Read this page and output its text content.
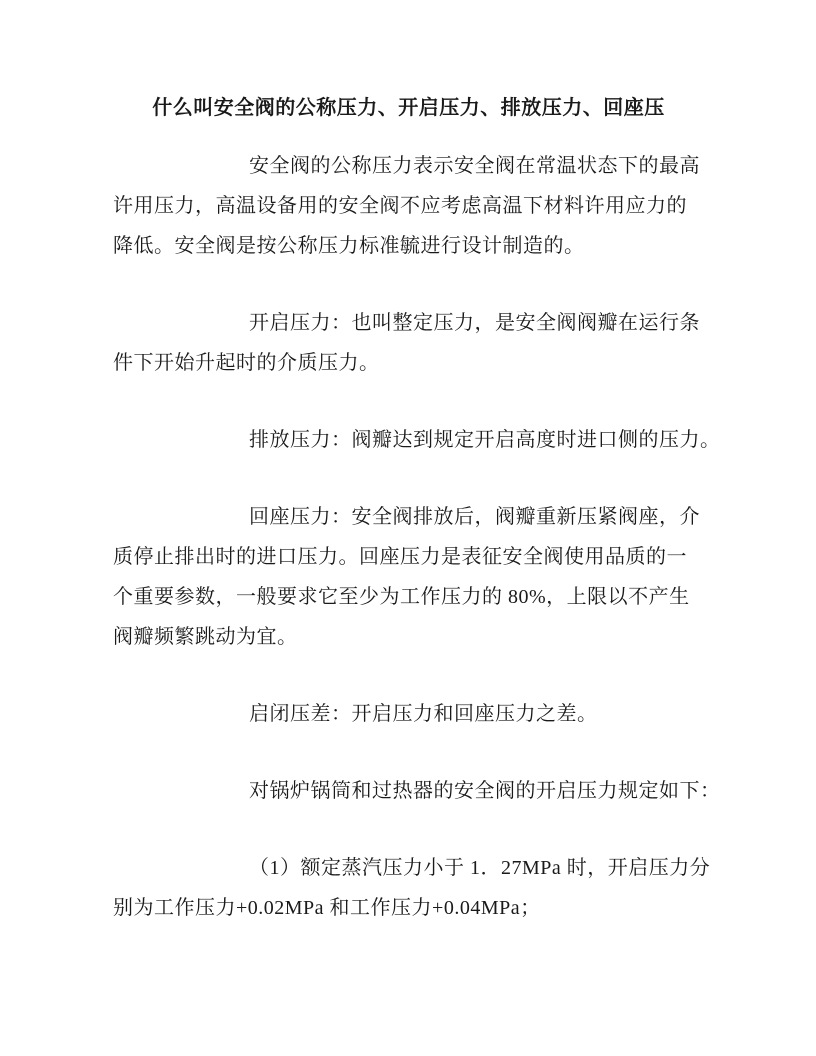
什么叫安全阀的公称压力、开启压力、排放压力、回座压

安全阀的公称压力表示安全阀在常温状态下的最高
许用压力，高温设备用的安全阀不应考虑高温下材料许用应力的
降低。安全阀是按公称压力标准毓进行设计制造的。

开启压力：也叫整定压力，是安全阀阀瓣在运行条
件下开始升起时的介质压力。

排放压力：阀瓣达到规定开启高度时进口侧的压力。

回座压力：安全阀排放后，阀瓣重新压紧阀座，介
质停止排出时的进口压力。回座压力是表征安全阀使用品质的一
个重要参数，一般要求它至少为工作压力的 80%，上限以不产生
阀瓣频繁跳动为宜。

启闭压差：开启压力和回座压力之差。

对锅炉锅筒和过热器的安全阀的开启压力规定如下：

（1）额定蒸汽压力小于 1．27MPa 时，开启压力分
别为工作压力+0.02MPa 和工作压力+0.04MPa；
